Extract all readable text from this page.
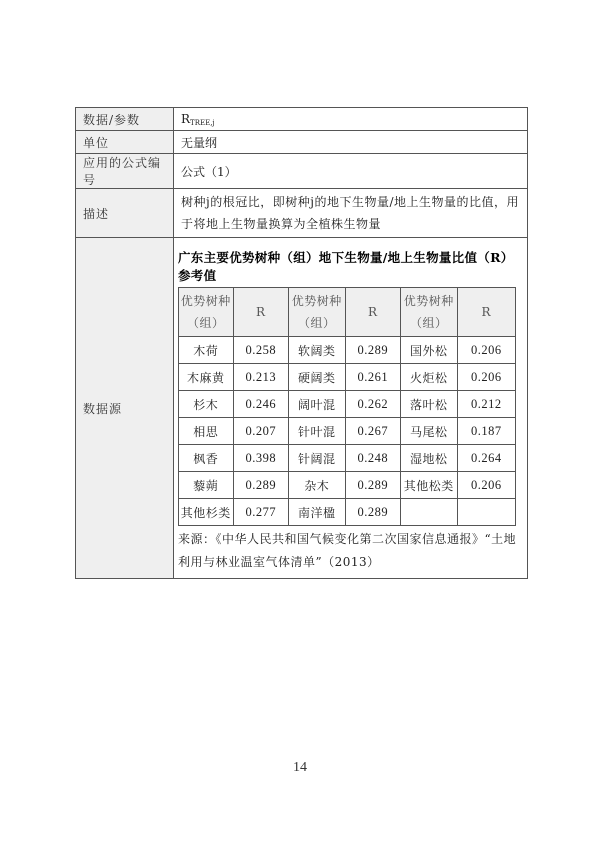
数据/参数	$R_{TREE,j}$
单位	无量纲
应用的公式编号	公式（1）
描述	树种j的根冠比，即树种j的地下生物量/地上生物量的比值，用于将地上生物量换算为全植株生物量
数据源	
广东主要优势树种（组）地下生物量/地上生物量比值（R）参考值
优势树种（组）	R	优势树种（组）	R	优势树种（组）	R
木荷	0.258	软阔类	0.289	国外松	0.206
木麻黄	0.213	硬阔类	0.261	火炬松	0.206
杉木	0.246	阔叶混	0.262	落叶松	0.212
相思	0.207	针叶混	0.267	马尾松	0.187
枫香	0.398	针阔混	0.248	湿地松	0.264
藜蒴	0.289	杂木	0.289	其他松类	0.206
其他杉类	0.277	南洋楹	0.289		
来源：《中华人民共和国气候变化第二次国家信息通报》“土地利用与林业温室气体清单”（2013）
14
